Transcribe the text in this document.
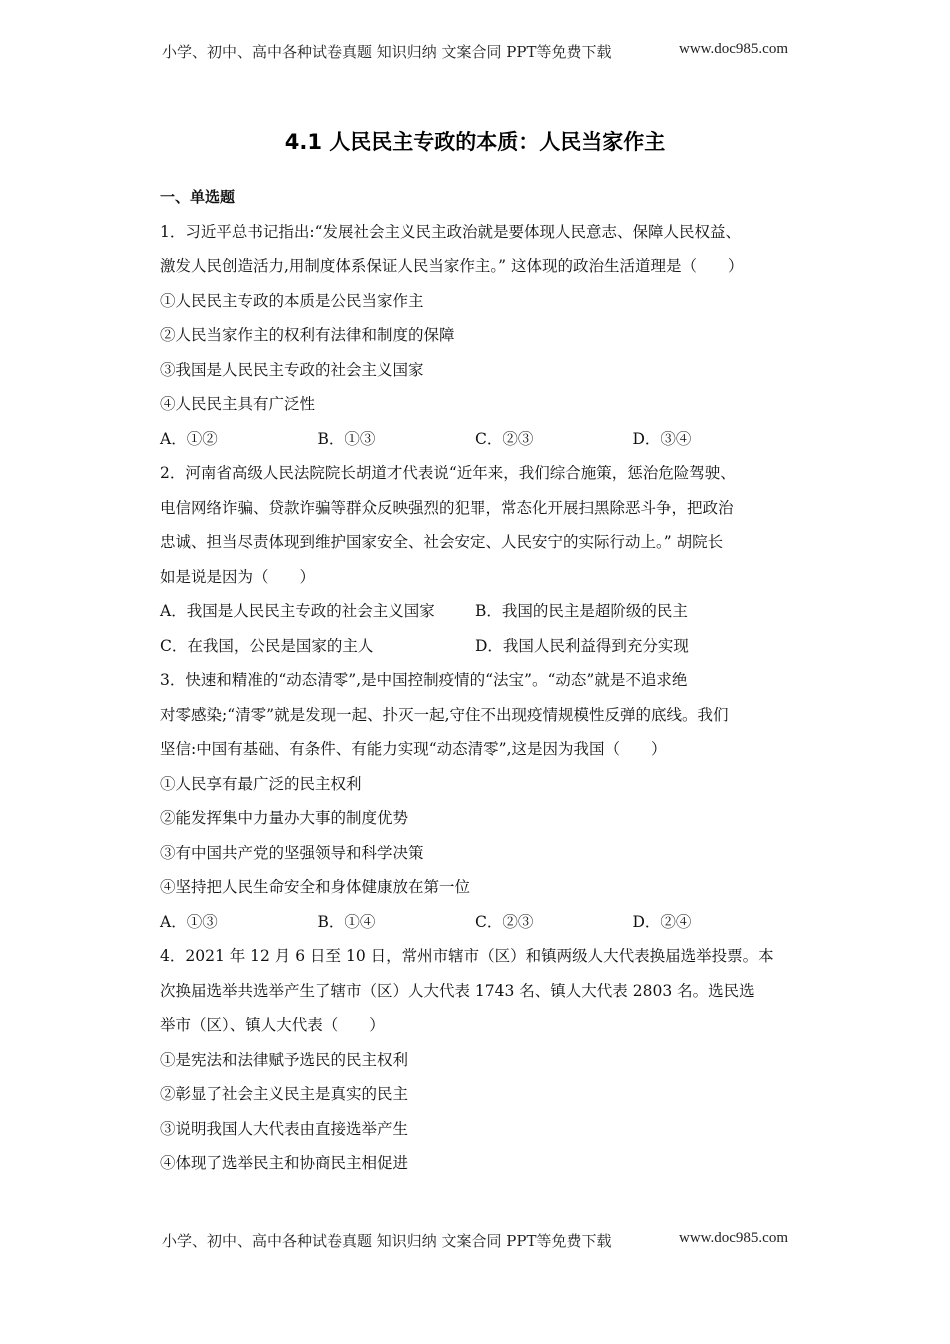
小学、初中、高中各种试卷真题 知识归纳 文案合同 PPT等免费下载	www.doc985.com
4.1 人民民主专政的本质：人民当家作主
一、单选题
1．习近平总书记指出:“发展社会主义民主政治就是要体现人民意志、保障人民权益、
激发人民创造活力,用制度体系保证人民当家作主。” 这体现的政治生活道理是（　　）
①人民民主专政的本质是公民当家作主
②人民当家作主的权利有法律和制度的保障
③我国是人民民主专政的社会主义国家
④人民民主具有广泛性
A．①②	B．①③	C．②③	D．③④
2．河南省高级人民法院院长胡道才代表说“近年来，我们综合施策，惩治危险驾驶、
电信网络诈骗、贷款诈骗等群众反映强烈的犯罪，常态化开展扫黑除恶斗争，把政治
忠诚、担当尽责体现到维护国家安全、社会安定、人民安宁的实际行动上。” 胡院长
如是说是因为（　　）
A．我国是人民民主专政的社会主义国家	B．我国的民主是超阶级的民主
C．在我国，公民是国家的主人	D．我国人民利益得到充分实现
3．快速和精准的“动态清零”,是中国控制疫情的“法宝”。“动态”就是不追求绝
对零感染;“清零”就是发现一起、扑灭一起,守住不出现疫情规模性反弹的底线。我们
坚信:中国有基础、有条件、有能力实现“动态清零”,这是因为我国（　　）
①人民享有最广泛的民主权利
②能发挥集中力量办大事的制度优势
③有中国共产党的坚强领导和科学决策
④坚持把人民生命安全和身体健康放在第一位
A．①③	B．①④	C．②③	D．②④
4．2021 年 12 月 6 日至 10 日，常州市辖市（区）和镇两级人大代表换届选举投票。本
次换届选举共选举产生了辖市（区）人大代表 1743 名、镇人大代表 2803 名。选民选
举市（区）、镇人大代表（　　）
①是宪法和法律赋予选民的民主权利
②彰显了社会主义民主是真实的民主
③说明我国人大代表由直接选举产生
④体现了选举民主和协商民主相促进
小学、初中、高中各种试卷真题 知识归纳 文案合同 PPT等免费下载	www.doc985.com
